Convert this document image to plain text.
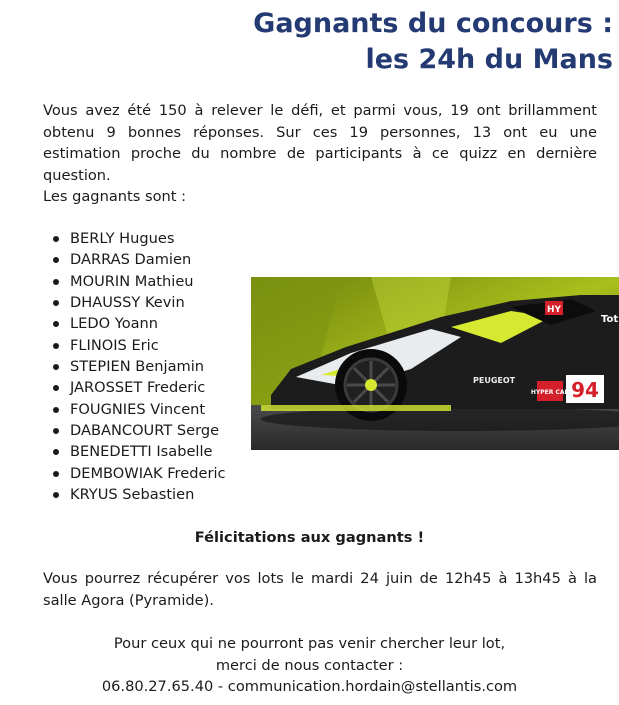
Gagnants du concours :
les 24h du Mans

Vous avez été 150 à relever le défi, et parmi vous, 19 ont brillamment obtenu 9 bonnes réponses. Sur ces 19 personnes, 13 ont eu une estimation proche du nombre de participants à ce quizz en dernière question.

Les gagnants sont :

BERLY Hugues
DARRAS Damien
MOURIN Mathieu
DHAUSSY Kevin
LEDO Yoann
FLINOIS Eric
STEPIEN Benjamin
JAROSSET Frederic
FOUGNIES Vincent
DABANCOURT Serge
BENEDETTI Isabelle
DEMBOWIAK Frederic
KRYUS Sebastien
94
HYPER CAR
PEUGEOT
HY
Tot

Félicitations aux gagnants !

Vous pourrez récupérer vos lots le mardi 24 juin de 12h45 à 13h45 à la salle Agora (Pyramide).

Pour ceux qui ne pourront pas venir chercher leur lot,
merci de nous contacter :
06.80.27.65.40 - communication.hordain@stellantis.com
